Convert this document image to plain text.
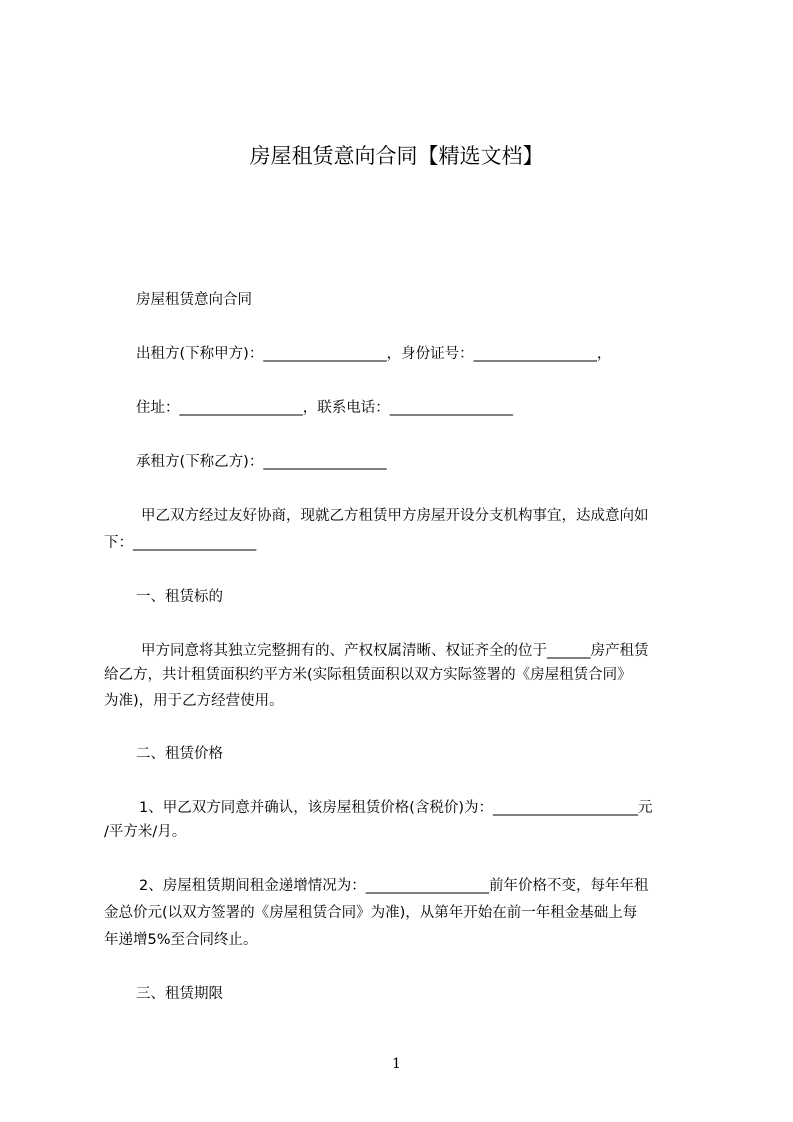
房屋租赁意向合同【精选文档】
房屋租赁意向合同
出租方(下称甲方)：_________________，身份证号：_________________，
住址：_________________，联系电话：_________________
承租方(下称乙方)：_________________
甲乙双方经过友好协商，现就乙方租赁甲方房屋开设分支机构事宜，达成意向如
下：_________________
一、租赁标的
甲方同意将其独立完整拥有的、产权权属清晰、权证齐全的位于______房产租赁
给乙方，共计租赁面积约平方米(实际租赁面积以双方实际签署的《房屋租赁合同》
为准)，用于乙方经营使用。
二、租赁价格
1、甲乙双方同意并确认，该房屋租赁价格(含税价)为：____________________元
/平方米/月。
2、房屋租赁期间租金递增情况为：_________________前年价格不变，每年年租
金总价元(以双方签署的《房屋租赁合同》为准)，从第年开始在前一年租金基础上每
年递增5%至合同终止。
三、租赁期限
1
